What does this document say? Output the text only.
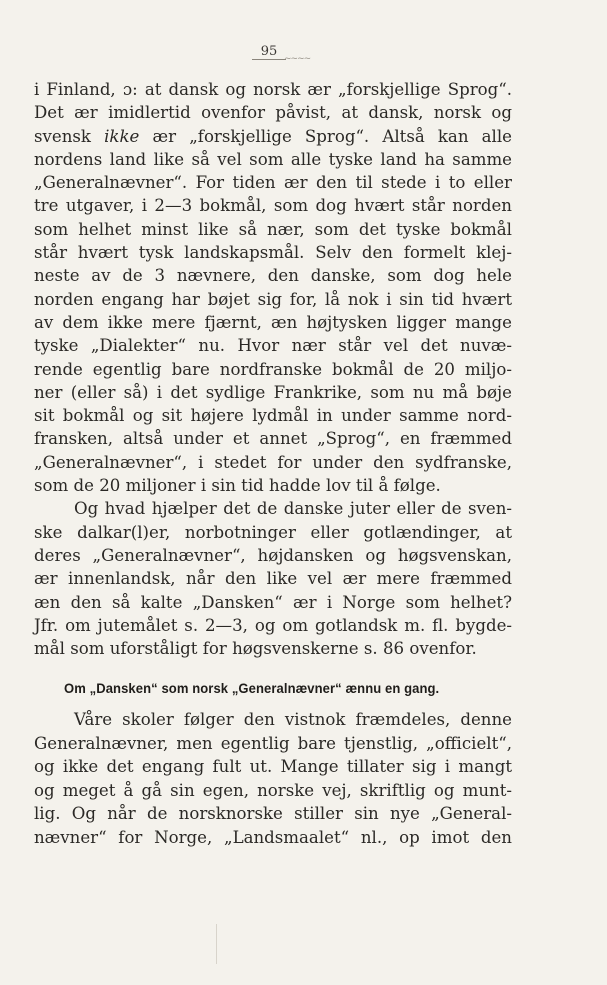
95 ~~~~
i Finland, ɔ: at dansk og norsk ær „forskjellige Sprog“.
Det ær imidlertid ovenfor påvist, at dansk, norsk og
svensk ikke ær „forskjellige Sprog“. Altså kan alle
nordens land like så vel som alle tyske land ha samme
„Generalnævner“. For tiden ær den til stede i to eller
tre utgaver, i 2—3 bokmål, som dog hvært står norden
som helhet minst like så nær, som det tyske bokmål
står hvært tysk landskapsmål. Selv den formelt klej-
neste av de 3 nævnere, den danske, som dog hele
norden engang har bøjet sig for, lå nok i sin tid hvært
av dem ikke mere fjærnt, æn højtysken ligger mange
tyske „Dialekter“ nu. Hvor nær står vel det nuvæ-
rende egentlig bare nordfranske bokmål de 20 miljo-
ner (eller så) i det sydlige Frankrike, som nu må bøje
sit bokmål og sit højere lydmål in under samme nord-
fransken, altså under et annet „Sprog“, en fræmmed
„Generalnævner“, i stedet for under den sydfranske,
som de 20 miljoner i sin tid hadde lov til å følge.
Og hvad hjælper det de danske juter eller de sven-
ske dalkar(l)er, norbotninger eller gotlændinger, at
deres „Generalnævner“, højdansken og høgsvenskan,
ær innenlandsk, når den like vel ær mere fræmmed
æn den så kalte „Dansken“ ær i Norge som helhet?
Jfr. om jutemålet s. 2—3, og om gotlandsk m. fl. bygde-
mål som uforståligt for høgsvenskerne s. 86 ovenfor.
Om „Dansken“ som norsk „Generalnævner“ ænnu en gang.
Våre skoler følger den vistnok fræmdeles, denne
Generalnævner, men egentlig bare tjenstlig, „officielt“,
og ikke det engang fult ut. Mange tillater sig i mangt
og meget å gå sin egen, norske vej, skriftlig og munt-
lig. Og når de norsknorske stiller sin nye „General-
nævner“ for Norge, „Landsmaalet“ nl., op imot den
